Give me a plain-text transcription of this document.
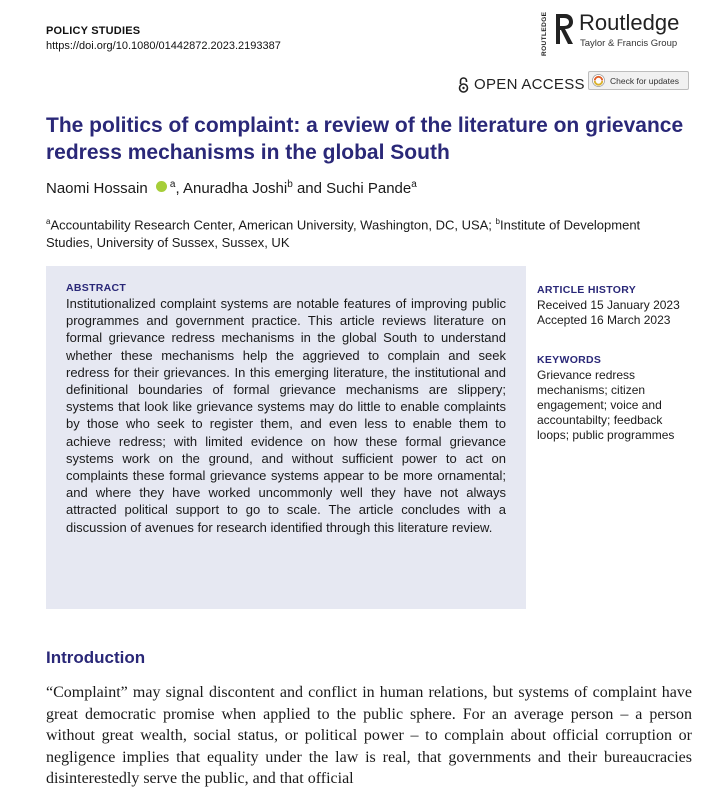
POLICY STUDIES
https://doi.org/10.1080/01442872.2023.2193387	ROUTLEDGE Routledge
Taylor & Francis Group
OPEN ACCESS	Check for updates
The politics of complaint: a review of the literature on grievance redress mechanisms in the global South
Naomi Hossain $^a$, Anuradha Joshi$^b$ and Suchi Pande$^a$
$^a$Accountability Research Center, American University, Washington, DC, USA; $^b$Institute of Development Studies, University of Sussex, Sussex, UK
ABSTRACT
Institutionalized complaint systems are notable features of improving public programmes and government practice. This article reviews literature on formal grievance redress mechanisms in the global South to understand whether these mechanisms help the aggrieved to complain and seek redress for their grievances. In this emerging literature, the institutional and definitional boundaries of formal grievance mechanisms are slippery; systems that look like grievance systems may do little to enable complaints by those who seek to register them, and even less to enable them to achieve redress; with limited evidence on how these formal grievance systems work on the ground, and without sufficient power to act on complaints these formal grievance systems appear to be more ornamental; and where they have worked uncommonly well they have not always attracted political support to go to scale. The article concludes with a discussion of avenues for research identified through this literature review.
ARTICLE HISTORY
Received 15 January 2023
Accepted 16 March 2023
KEYWORDS
Grievance redress mechanisms; citizen engagement; voice and accountabilty; feedback loops; public programmes
Introduction
“Complaint” may signal discontent and conflict in human relations, but systems of complaint have great democratic promise when applied to the public sphere. For an average person – a person without great wealth, social status, or political power – to complain about official corruption or negligence implies that equality under the law is real, that governments and their bureaucracies disinterestedly serve the public, and that official
